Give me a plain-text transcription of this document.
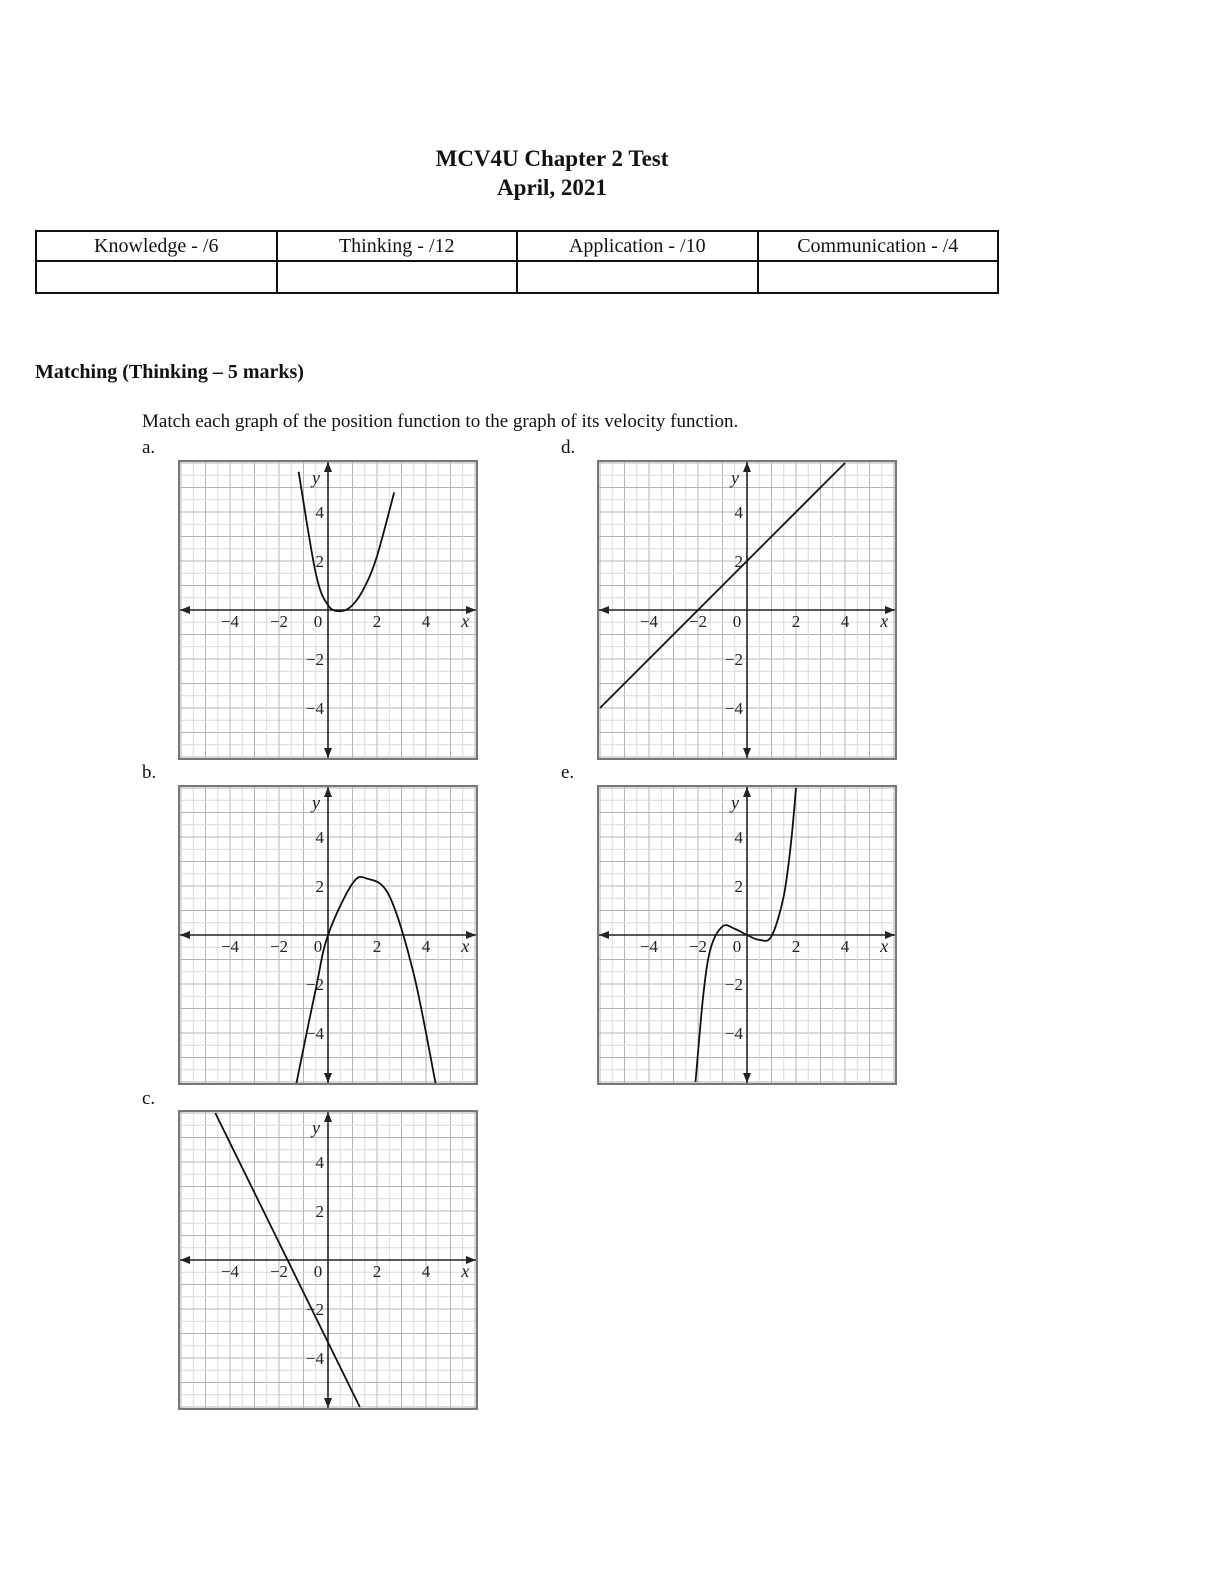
MCV4U Chapter 2 Test
April, 2021
Knowledge - /6	Thinking - /12	Application - /10	Communication - /4

Matching (Thinking – 5 marks)
Match each graph of the position function to the graph of its velocity function.
a.
−4 −2 0	2 4
4
2
−2
−4
x
y
b.
−4 −2 0	2 4
4
2
−2
−4
x
y
c.
−4 −2 0	2 4
4
2
−2
−4
x
y
d.
−4 −2 0	2 4
4
2
−2
−4
x
y
e.
−4 −2 0	2 4
4
2
−2
−4
x
y
